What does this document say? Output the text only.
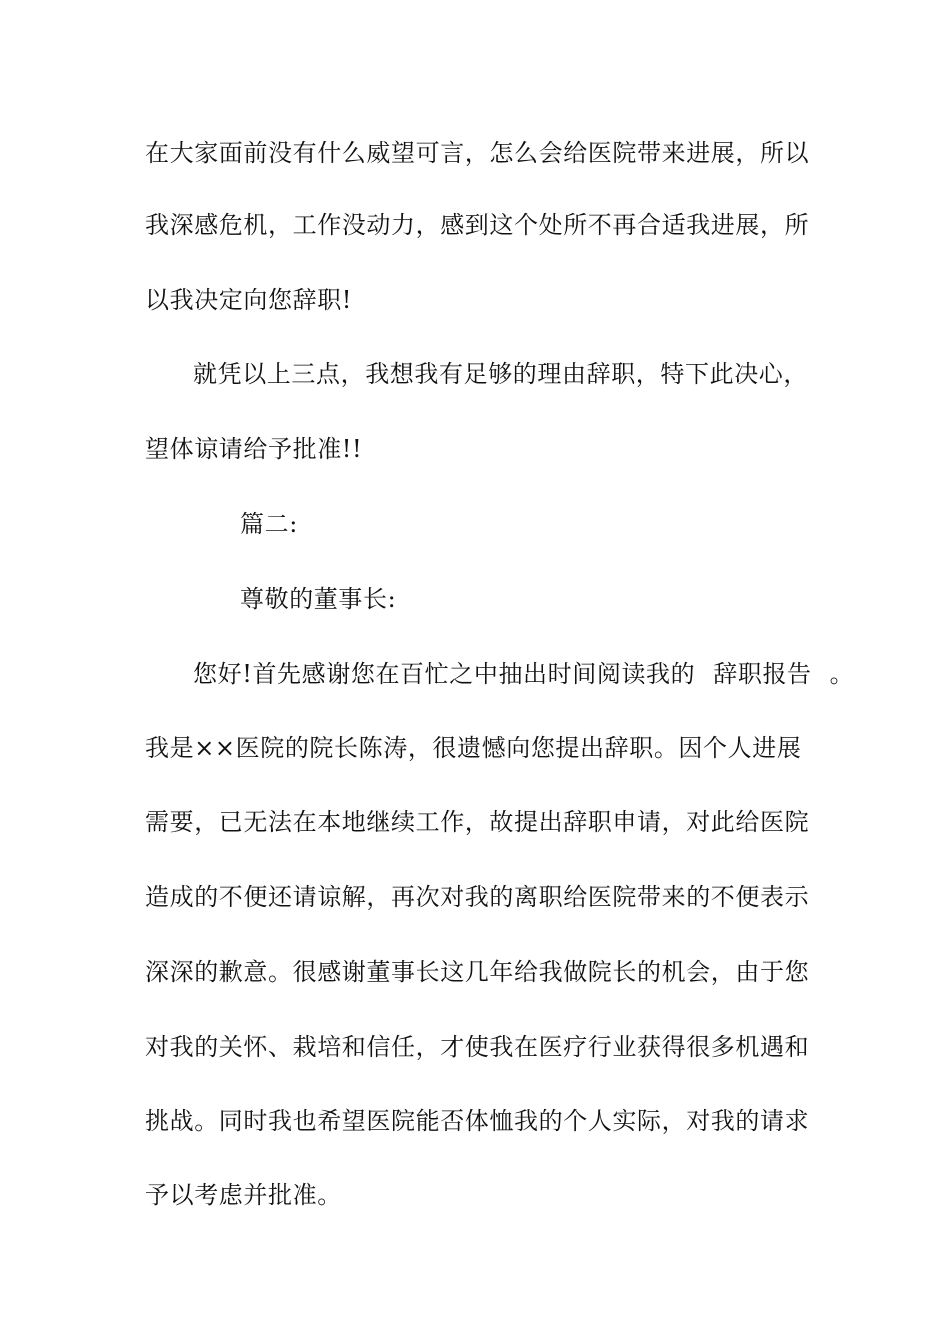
在大家面前没有什么威望可言，怎么会给医院带来进展，所以
我深感危机，工作没动力，感到这个处所不再合适我进展，所
以我决定向您辞职!
就凭以上三点，我想我有足够的理由辞职，特下此决心，
望体谅请给予批准!!
篇二:
尊敬的董事长:
您好!首先感谢您在百忙之中抽出时间阅读我的 辞职报告 。
我是××医院的院长陈涛，很遗憾向您提出辞职。因个人进展
需要，已无法在本地继续工作，故提出辞职申请，对此给医院
造成的不便还请谅解，再次对我的离职给医院带来的不便表示
深深的歉意。很感谢董事长这几年给我做院长的机会，由于您
对我的关怀、栽培和信任，才使我在医疗行业获得很多机遇和
挑战。同时我也希望医院能否体恤我的个人实际，对我的请求
予以考虑并批准。
